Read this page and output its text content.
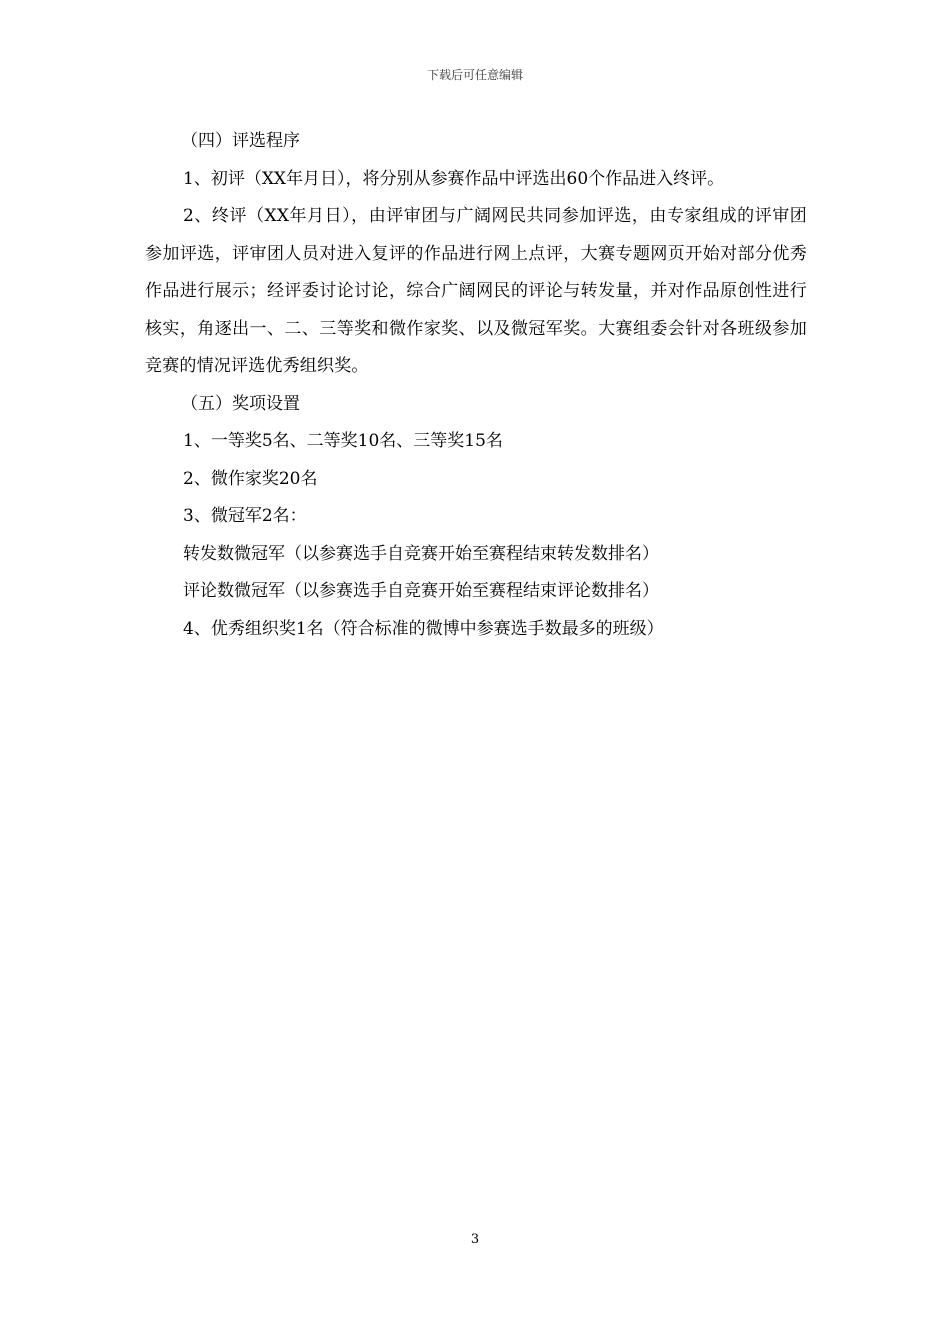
下载后可任意编辑

（四）评选程序

1、初评（XX年月日），将分别从参赛作品中评选出60个作品进入终评。

2、终评（XX年月日），由评审团与广阔网民共同参加评选，由专家组成的评审团参加评选，评审团人员对进入复评的作品进行网上点评，大赛专题网页开始对部分优秀作品进行展示；经评委讨论讨论，综合广阔网民的评论与转发量，并对作品原创性进行核实，角逐出一、二、三等奖和微作家奖、以及微冠军奖。大赛组委会针对各班级参加竞赛的情况评选优秀组织奖。

（五）奖项设置

1、一等奖5名、二等奖10名、三等奖15名

2、微作家奖20名

3、微冠军2名：

转发数微冠军（以参赛选手自竞赛开始至赛程结束转发数排名）

评论数微冠军（以参赛选手自竞赛开始至赛程结束评论数排名）

4、优秀组织奖1名（符合标准的微博中参赛选手数最多的班级）

3
